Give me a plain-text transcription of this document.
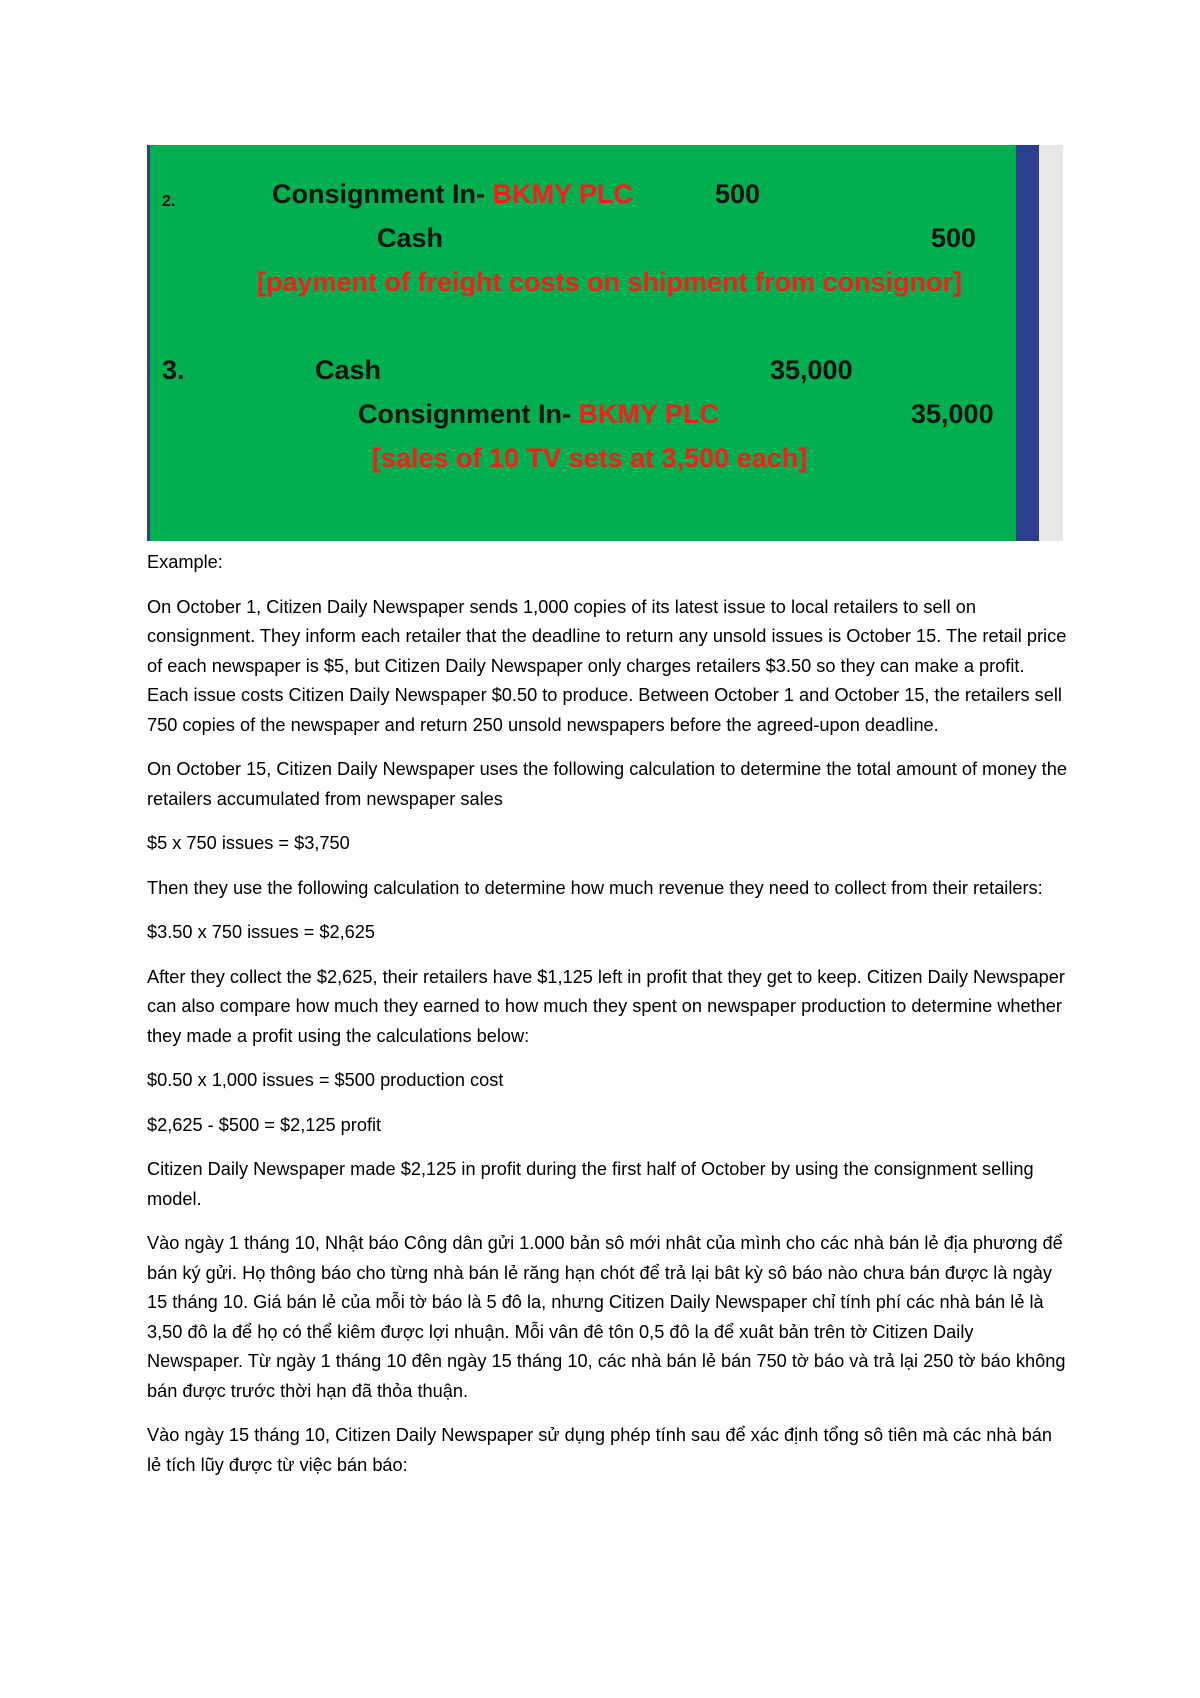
2.	Consignment In- BKMY PLC	500
Cash	500
[payment of freight costs on shipment from consignor]
3.	Cash	35,000
Consignment In- BKMY PLC	35,000
[sales of 10 TV sets at 3,500 each]

Example:

On October 1, Citizen Daily Newspaper sends 1,000 copies of its latest issue to local retailers to sell on consignment. They inform each retailer that the deadline to return any unsold issues is October 15. The retail price of each newspaper is $5, but Citizen Daily Newspaper only charges retailers $3.50 so they can make a profit. Each issue costs Citizen Daily Newspaper $0.50 to produce. Between October 1 and October 15, the retailers sell 750 copies of the newspaper and return 250 unsold newspapers before the agreed-upon deadline.

On October 15, Citizen Daily Newspaper uses the following calculation to determine the total amount of money the retailers accumulated from newspaper sales

$5 x 750 issues = $3,750

Then they use the following calculation to determine how much revenue they need to collect from their retailers:

$3.50 x 750 issues = $2,625

After they collect the $2,625, their retailers have $1,125 left in profit that they get to keep. Citizen Daily Newspaper can also compare how much they earned to how much they spent on newspaper production to determine whether they made a profit using the calculations below:

$0.50 x 1,000 issues = $500 production cost

$2,625 - $500 = $2,125 profit

Citizen Daily Newspaper made $2,125 in profit during the first half of October by using the consignment selling model.

Vào ngày 1 tháng 10, Nhật báo Công dân gửi 1.000 bản sô mới nhât của mình cho các nhà bán lẻ địa phương để bán ký gửi. Họ thông báo cho từng nhà bán lẻ răng hạn chót để trả lại bât kỳ sô báo nào chưa bán được là ngày 15 tháng 10. Giá bán lẻ của mỗi tờ báo là 5 đô la, nhưng Citizen Daily Newspaper chỉ tính phí các nhà bán lẻ là 3,50 đô la để họ có thể kiêm được lợi nhuận. Mỗi vân đê tôn 0,5 đô la để xuât bản trên tờ Citizen Daily Newspaper. Từ ngày 1 tháng 10 đên ngày 15 tháng 10, các nhà bán lẻ bán 750 tờ báo và trả lại 250 tờ báo không bán được trước thời hạn đã thỏa thuận.

Vào ngày 15 tháng 10, Citizen Daily Newspaper sử dụng phép tính sau để xác định tổng sô tiên mà các nhà bán lẻ tích lũy được từ việc bán báo:
